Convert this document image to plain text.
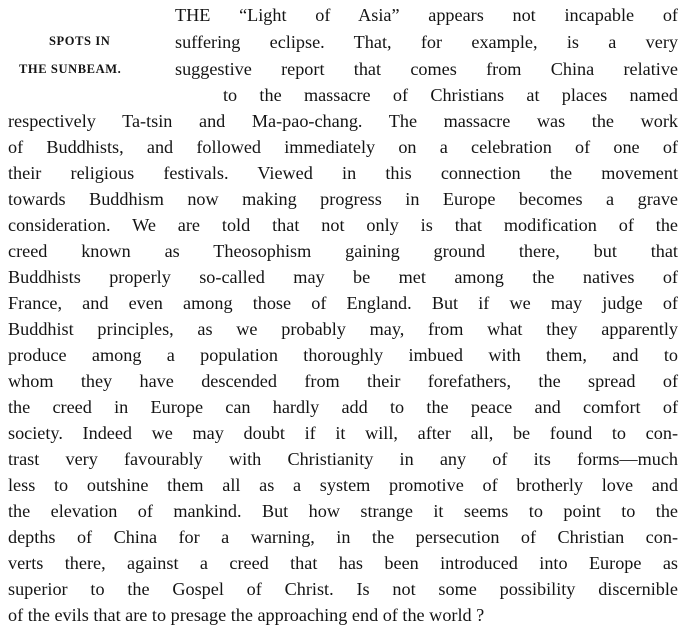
SPOTS IN
THE SUNBEAM.
THE “Light of Asia” appears not incapable of
suffering eclipse. That, for example, is a very
suggestive report that comes from China relative
to the massacre of Christians at places named
respectively Ta-tsin and Ma-pao-chang. The massacre was the work
of Buddhists, and followed immediately on a celebration of one of
their religious festivals. Viewed in this connection the movement
towards Buddhism now making progress in Europe becomes a grave
consideration. We are told that not only is that modification of the
creed known as Theosophism gaining ground there, but that
Buddhists properly so-called may be met among the natives of
France, and even among those of England. But if we may judge of
Buddhist principles, as we probably may, from what they apparently
produce among a population thoroughly imbued with them, and to
whom they have descended from their forefathers, the spread of
the creed in Europe can hardly add to the peace and comfort of
society. Indeed we may doubt if it will, after all, be found to con-
trast very favourably with Christianity in any of its forms—much
less to outshine them all as a system promotive of brotherly love and
the elevation of mankind. But how strange it seems to point to the
depths of China for a warning, in the persecution of Christian con-
verts there, against a creed that has been introduced into Europe as
superior to the Gospel of Christ. Is not some possibility discernible
of the evils that are to presage the approaching end of the world ?
